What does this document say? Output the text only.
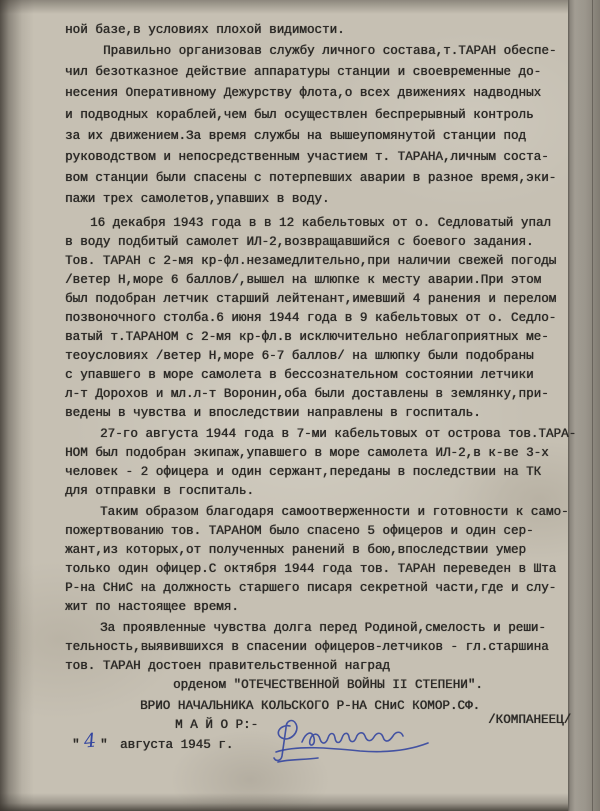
ной базе,в условиях плохой видимости.
Правильно организовав службу личного состава,т.ТАРАН обеспе-
чил безотказное действие аппаратуры станции и своевременные до-
несения Оперативному Дежурству флота,о всех движениях надводных
и подводных кораблей,чем был осуществлен беспрерывный контроль
за их движением.За время службы на вышеупомянутой станции под
руководством и непосредственным участием т. ТАРАНА,личным соста-
вом станции были спасены с потерпевших аварии в разное время,эки-
пажи трех самолетов,упавших в воду.
16 декабря 1943 года в в 12 кабельтовых от о. Седловатый упал
в воду подбитый самолет ИЛ-2,возвращавшийся с боевого задания.
Тов. ТАРАН с 2-мя кр-фл.незамедлительно,при наличии свежей погоды
/ветер Н,море 6 баллов/,вышел на шлюпке к месту аварии.При этом
был подобран летчик старший лейтенант,имевший 4 ранения и перелом
позвоночного столба.6 июня 1944 года в 9 кабельтовых от о. Седло-
ватый т.ТАРАНОМ с 2-мя кр-фл.в исключительно неблагоприятных ме-
теоусловиях /ветер Н,море 6-7 баллов/ на шлюпку были подобраны
с упавшего в море самолета в бессознательном состоянии летчики
л-т Дорохов и мл.л-т Воронин,оба были доставлены в землянку,при-
ведены в чувства и впоследствии направлены в госпиталь.
27-го августа 1944 года в 7-ми кабельтовых от острова тов.ТАРА-
НОМ был подобран экипаж,упавшего в море самолета ИЛ-2,в к-ве 3-х
человек - 2 офицера и один сержант,переданы в последствии на ТК
для отправки в госпиталь.
Таким образом благодаря самоотверженности и готовности к само-
пожертвованию тов. ТАРАНОМ было спасено 5 офицеров и один сер-
жант,из которых,от полученных ранений в бою,впоследствии умер
только один офицер.С октября 1944 года тов. ТАРАН переведен в Шта
Р-на СНиС на должность старшего писаря секретной части,где и слу-
жит по настоящее время.
За проявленные чувства долга перед Родиной,смелость и реши-
тельность,выявившихся в спасении офицеров-летчиков - гл.старшина
тов. ТАРАН достоен правительственной наград
орденом "ОТЕЧЕСТВЕННОЙ ВОЙНЫ II СТЕПЕНИ".
ВРИО НАЧАЛЬНИКА КОЛЬСКОГО Р-НА СНиС КОМОР.СФ.
М А Й О Р:-	/КОМПАНЕЕЦ/
" 4 " августа 1945 г.
